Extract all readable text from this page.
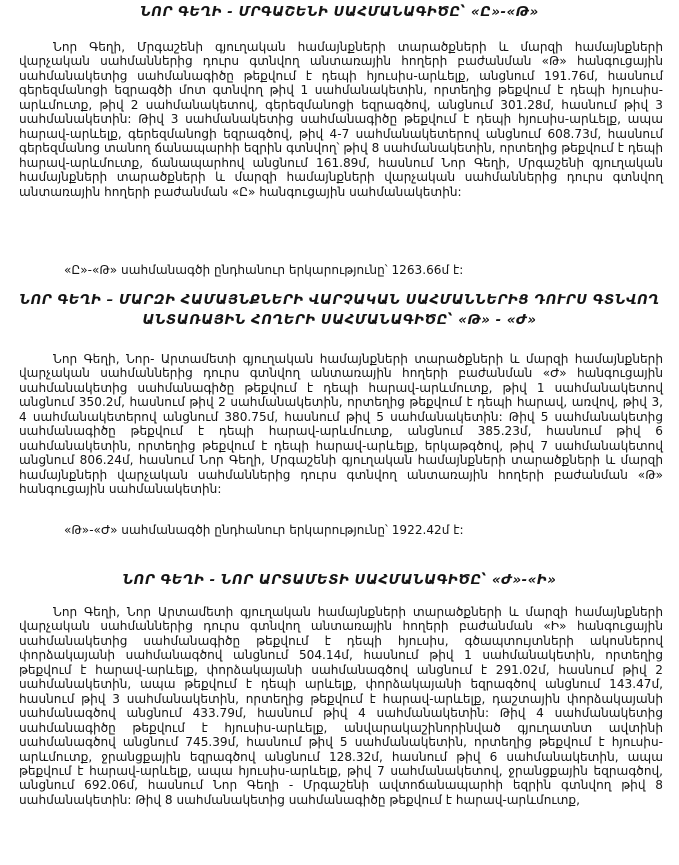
ՆՈՐ ԳԵՂԻ - ՄՐԳԱՇԵՆԻ ՍԱՀՄԱՆԱԳԻԾԸ՝ «Ը»-«Թ»

Նոր Գեղի, Մրգաշենի գյուղական համայնքների տարածքների և մարզի համայնքների վարչական սահմաններից դուրս գտնվող անտառային հողերի բաժանման «Թ» հանգուցային սահմանակետից սահմանագիծը թեքվում է դեպի հյուսիս-արևելք, անցնում 191.76մ, հասնում գերեզմանոցի եզրագծի մոտ գտնվող թիվ 1 սահմանակետին, որտեղից թեքվում է դեպի հյուսիս-արևմուտք, թիվ 2 սահմանակետով, գերեզմանոցի եզրագծով, անցնում 301.28մ, հասնում թիվ 3 սահմանակետին: Թիվ 3 սահմանակետից սահմանագիծը թեքվում է դեպի հյուսիս-արևելք, ապա հարավ-արևելք, գերեզմանոցի եզրագծով, թիվ 4-7 սահմանակետերով անցնում 608.73մ, հասնում գերեզմանոց տանող ճանապարհի եզրին գտնվող՝ թիվ 8 սահմանակետին, որտեղից թեքվում է դեպի հարավ-արևմուտք, ճանապարհով անցնում 161.89մ, հասնում Նոր Գեղի, Մրգաշենի գյուղական համայնքների տարածքների և մարզի համայնքների վարչական սահմաններից դուրս գտնվող անտառային հողերի բաժանման «Ը» հանգուցային սահմանակետին:

«Ը»-«Թ» սահմանագծի ընդհանուր երկարությունը՝ 1263.66մ է:

ՆՈՐ ԳԵՂԻ – ՄԱՐԶԻ ՀԱՄԱՅՆՔՆԵՐԻ ՎԱՐՉԱԿԱՆ ՍԱՀՄԱՆՆԵՐԻՑ ԴՈՒՐՍ ԳՏՆՎՈՂ
ԱՆՏԱՌԱՅԻՆ ՀՈՂԵՐԻ ՍԱՀՄԱՆԱԳԻԾԸ՝ «Թ» - «Ժ»

Նոր Գեղի, Նոր- Արտամետի գյուղական համայնքների տարածքների և մարզի համայնքների վարչական սահմաններից դուրս գտնվող անտառային հողերի բաժանման «Ժ» հանգուցային սահմանակետից սահմանագիծը թեքվում է դեպի հարավ-արևմուտք, թիվ 1 սահմանակետով անցնում 350.2մ, հասնում թիվ 2 սահմանակետին, որտեղից թեքվում է դեպի հարավ, առվով, թիվ 3, 4 սահմանակետերով անցնում 380.75մ, հասնում թիվ 5 սահմանակետին: Թիվ 5 սահմանակետից սահմանագիծը թեքվում է դեպի հարավ-արևմուտք, անցնում 385.23մ, հասնում թիվ 6 սահմանակետին, որտեղից թեքվում է դեպի հարավ-արևելք, երկաթգծով, թիվ 7 սահմանակետով անցնում 806.24մ, հասնում Նոր Գեղի, Մրգաշենի գյուղական համայնքների տարածքների և մարզի համայնքների վարչական սահմաններից դուրս գտնվող անտառային հողերի բաժանման «Թ» հանգուցային սահմանակետին:

«Թ»-«Ժ» սահմանագծի ընդհանուր երկարությունը՝ 1922.42մ է:

ՆՈՐ ԳԵՂԻ - ՆՈՐ ԱՐՏԱՄԵՏԻ ՍԱՀՄԱՆԱԳԻԾԸ՝ «Ժ»-«Ի»

Նոր Գեղի, Նոր Արտամետի գյուղական համայնքների տարածքների և մարզի համայնքների վարչական սահմաններից դուրս գտնվող անտառային հողերի բաժանման «Ի» հանգուցային սահմանակետից սահմանագիծը թեքվում է դեպի հյուսիս, գծապտույտների ակոսներով փորձակայանի սահմանագծով անցնում 504.14մ, հասնում թիվ 1 սահմանակետին, որտեղից թեքվում է հարավ-արևելք, փորձակայանի սահմանագծով անցնում է 291.02մ, հասնում թիվ 2 սահմանակետին, ապա թեքվում է դեպի արևելք, փորձակայանի եզրագծով անցնում 143.47մ, հասնում թիվ 3 սահմանակետին, որտեղից թեքվում է հարավ-արևելք, դաշտային փորձակայանի սահմանագծով անցնում 433.79մ, հասնում թիվ 4 սահմանակետին: Թիվ 4 սահմանակետից սահմանագիծը թեքվում է հյուսիս-արևելք, անվարակաշինորինված գյուղատնտ ավտինի սահմանագծով անցնում 745.39մ, հասնում թիվ 5 սահմանակետին, որտեղից թեքվում է հյուսիս-արևմուտք, ջրանցքային եզրագծով անցնում 128.32մ, հասնում թիվ 6 սահմանակետին, ապա թեքվում է հարավ-արևելք, ապա հյուսիս-արևելք, թիվ 7 սահմանակետով, ջրանցքային եզրագծով, անցնում 692.06մ, հասնում Նոր Գեղի - Մրգաշենի ավտոճանապարհի եզրին գտնվող թիվ 8 սահմանակետին: Թիվ 8 սահմանակետից սահմանագիծը թեքվում է հարավ-արևմուտք,
